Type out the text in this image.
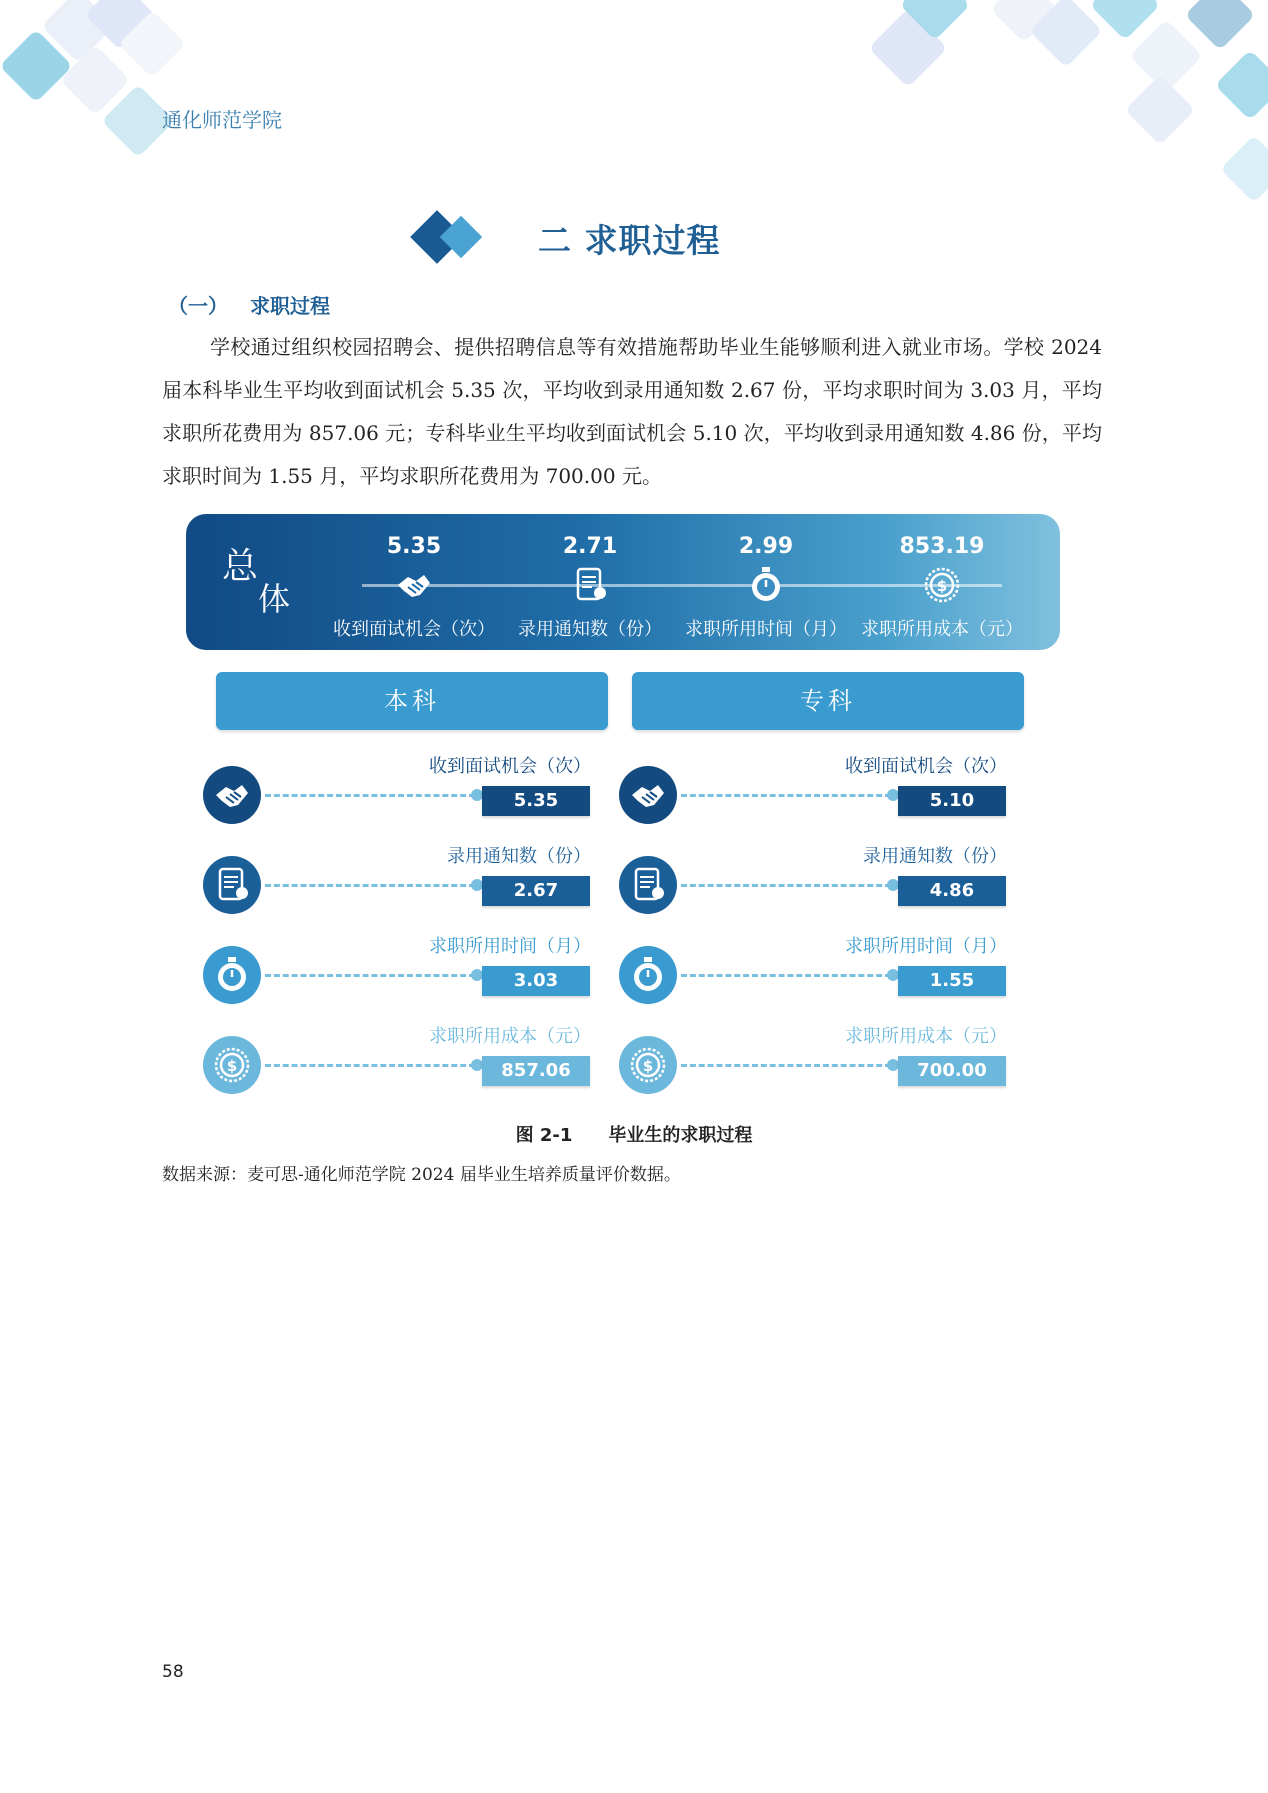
通化师范学院
二 求职过程
（一） 求职过程

学校通过组织校园招聘会、提供招聘信息等有效措施帮助毕业生能够顺利进入就业市场。学校 2024 届本科毕业生平均收到面试机会 5.35 次，平均收到录用通知数 2.67 份，平均求职时间为 3.03 月，平均求职所花费用为 857.06 元；专科毕业生平均收到面试机会 5.10 次，平均收到录用通知数 4.86 份，平均求职时间为 1.55 月，平均求职所花费用为 700.00 元。

总
体
5.35
收到面试机会（次）
2.71
录用通知数（份）
2.99
求职所用时间（月）
853.19
$
求职所用成本（元）
本科	专科
收到面试机会（次）
5.35
录用通知数（份）
2.67
求职所用时间（月）
3.03
$
求职所用成本（元）
857.06
收到面试机会（次）
5.10
录用通知数（份）
4.86
求职所用时间（月）
1.55
$
求职所用成本（元）
700.00
图 2-1 毕业生的求职过程
数据来源：麦可思-通化师范学院 2024 届毕业生培养质量评价数据。
58
